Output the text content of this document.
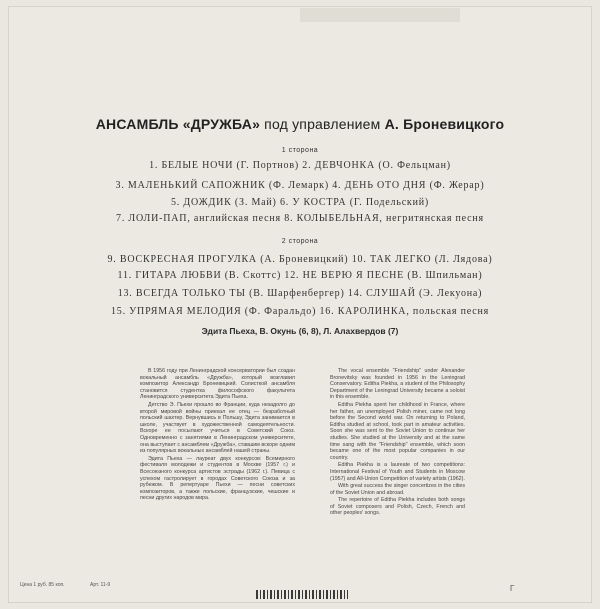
АНСАМБЛЬ «ДРУЖБА» под управлением А. Броневицкого
1 сторона
1. БЕЛЫЕ НОЧИ (Г. Портнов) 2. ДЕВЧОНКА (О. Фельцман)
3. МАЛЕНЬКИЙ САПОЖНИК (Ф. Лемарк) 4. ДЕНЬ ОТО ДНЯ (Ф. Жерар)
5. ДОЖДИК (З. Май) 6. У КОСТРА (Г. Подельский)
7. ЛОЛИ-ПАП, английская песня 8. КОЛЫБЕЛЬНАЯ, негритянская песня
2 сторона
9. ВОСКРЕСНАЯ ПРОГУЛКА (А. Броневицкий) 10. ТАК ЛЕГКО (Л. Лядова)
11. ГИТАРА ЛЮБВИ (В. Скоттс) 12. НЕ ВЕРЮ Я ПЕСНЕ (В. Шпильман)
13. ВСЕГДА ТОЛЬКО ТЫ (В. Шарфенбергер) 14. СЛУШАЙ (Э. Лекуона)
15. УПРЯМАЯ МЕЛОДИЯ (Ф. Фаральдо) 16. КАРОЛИНКА, польская песня
Эдита Пьеха, В. Окунь (6, 8), Л. Алахвердов (7)

В 1956 году при Ленинградской консерватории был создан вокальный ансамбль «Дружба», который возглавил композитор Александр Броневицкий. Солисткой ансамбля становится студентка философского факультета Ленинградского университета Эдита Пьеха.

Детство Э. Пьехи прошло во Франции, куда незадолго до второй мировой войны приехал ее отец — безработный польский шахтер. Вернувшись в Польшу, Эдита занимается в школе, участвует в художественной самодеятельности. Вскоре ее посылают учиться в Советский Союз. Одновременно с занятиями в Ленинградском университете, она выступает с ансамблем «Дружба», ставшим вскоре одним из популярных вокальных ансамблей нашей страны.

Эдита Пьеха — лауреат двух конкурсов: Всемирного фестиваля молодежи и студентов в Москве (1957 г.) и Всесоюзного конкурса артистов эстрады (1962 г.). Певица с успехом гастролирует в городах Советского Союза и за рубежом. В репертуаре Пьехи — песни советских композиторов, а также польские, французские, чешские и песни других народов мира.

The vocal ensemble "Friendship" under Alexander Bronevitsky was founded in 1956 in the Leningrad Conservatory. Editha Piekha, a student of the Philosophy Department of the Leningrad University became a soloist in this ensemble.

Editha Piekha spent her childhood in France, where her father, an unemployed Polish miner, came not long before the Second world war. On returning to Poland, Editha studied at school, took part in amateur activities. Soon she was sent to the Soviet Union to continue her studies. She studied at the University and at the same time sang with the "Friendship" ensemble, which soon became one of the most popular companies in our country.

Editha Piekha is a laureate of two competitions: International Festival of Youth and Students in Moscow (1957) and All-Union Competition of variety artists (1962).

With great success the singer concertizes in the cities of the Soviet Union and abroad.

The repertoire of Editha Piekha includes both songs of Soviet composers and Polish, Czech, French and other peoples' songs.

Цена 1 руб. 85 коп.	Арт. 11-9	Г
